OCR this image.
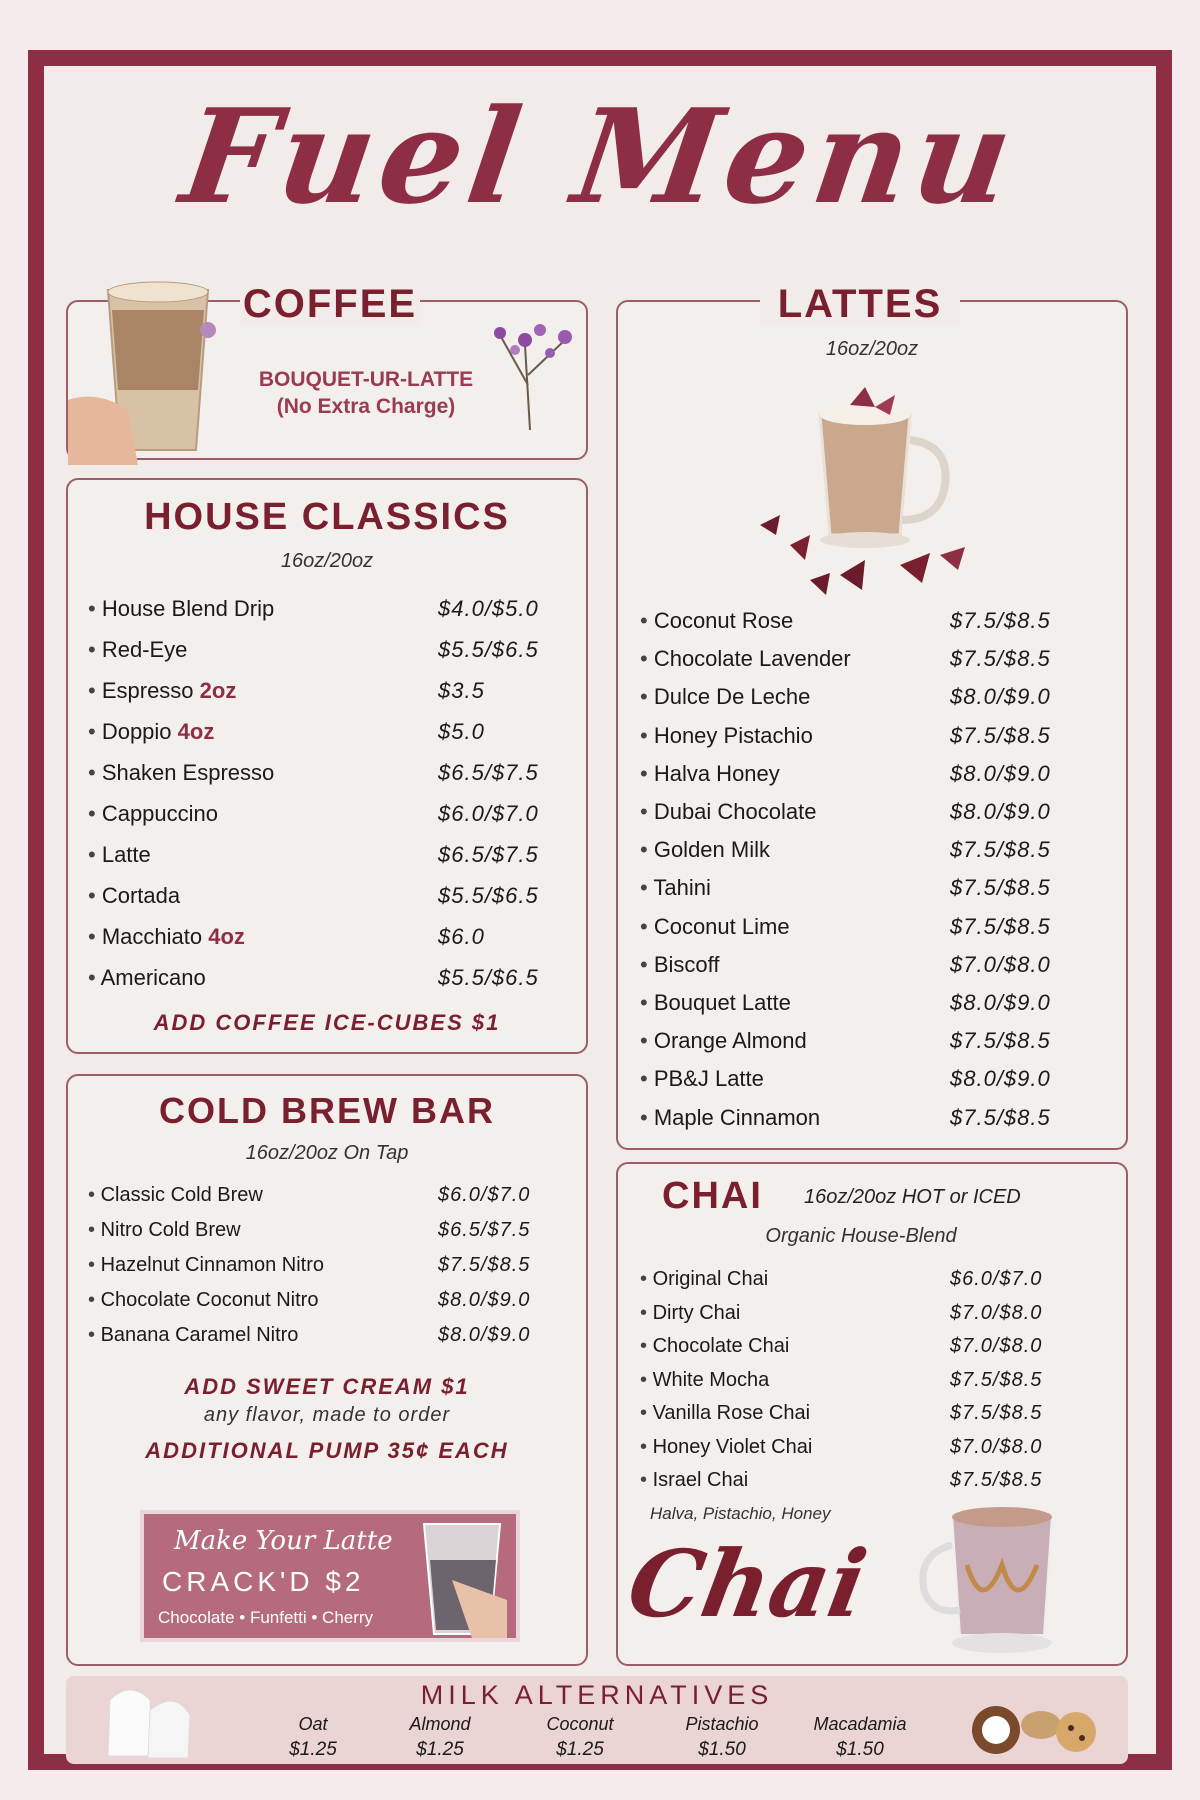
Fuel Menu
COFFEE
BOUQUET-UR-LATTE
(No Extra Charge)
HOUSE CLASSICS
16oz/20oz
• House Blend Drip	$4.0/$5.0
• Red-Eye	$5.5/$6.5
• Espresso 2oz	$3.5
• Doppio 4oz	$5.0
• Shaken Espresso	$6.5/$7.5
• Cappuccino	$6.0/$7.0
• Latte	$6.5/$7.5
• Cortada	$5.5/$6.5
• Macchiato 4oz	$6.0
• Americano	$5.5/$6.5
ADD COFFEE ICE-CUBES $1
COLD BREW BAR
16oz/20oz On Tap
• Classic Cold Brew	$6.0/$7.0
• Nitro Cold Brew	$6.5/$7.5
• Hazelnut Cinnamon Nitro	$7.5/$8.5
• Chocolate Coconut Nitro	$8.0/$9.0
• Banana Caramel Nitro	$8.0/$9.0
ADD SWEET CREAM $1
any flavor, made to order
ADDITIONAL PUMP 35¢ EACH
Make Your Latte
CRACK'D $2
Chocolate • Funfetti • Cherry
LATTES
16oz/20oz
• Coconut Rose	$7.5/$8.5
• Chocolate Lavender	$7.5/$8.5
• Dulce De Leche	$8.0/$9.0
• Honey Pistachio	$7.5/$8.5
• Halva Honey	$8.0/$9.0
• Dubai Chocolate	$8.0/$9.0
• Golden Milk	$7.5/$8.5
• Tahini	$7.5/$8.5
• Coconut Lime	$7.5/$8.5
• Biscoff	$7.0/$8.0
• Bouquet Latte	$8.0/$9.0
• Orange Almond	$7.5/$8.5
• PB&J Latte	$8.0/$9.0
• Maple Cinnamon	$7.5/$8.5
CHAI	16oz/20oz HOT or ICED
Organic House-Blend
• Original Chai	$6.0/$7.0
• Dirty Chai	$7.0/$8.0
• Chocolate Chai	$7.0/$8.0
• White Mocha	$7.5/$8.5
• Vanilla Rose Chai	$7.5/$8.5
• Honey Violet Chai	$7.0/$8.0
• Israel Chai	$7.5/$8.5
Halva, Pistachio, Honey
Chai
MILK ALTERNATIVES
Oat
$1.25
Almond
$1.25
Coconut
$1.25
Pistachio
$1.50
Macadamia
$1.50
